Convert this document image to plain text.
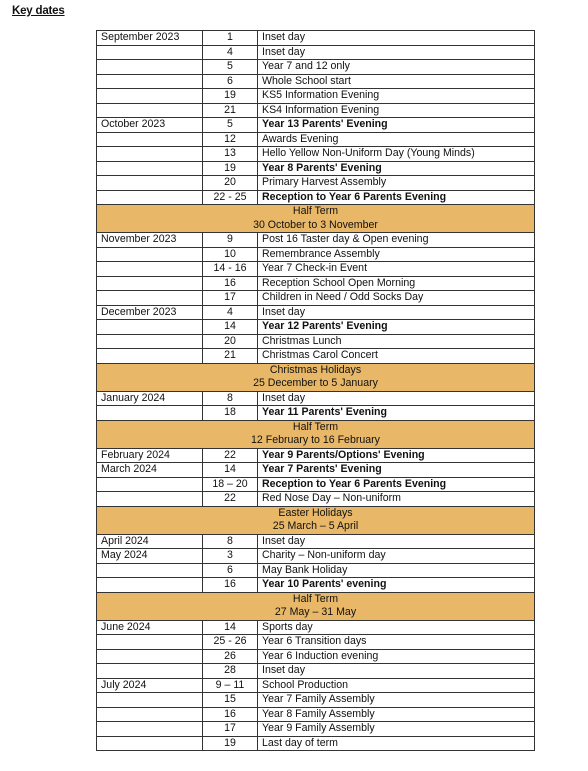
Key dates
September 2023	1	Inset day
	4	Inset day
	5	Year 7 and 12 only
	6	Whole School start
	19	KS5 Information Evening
	21	KS4 Information Evening
October 2023	5	Year 13 Parents' Evening
	12	Awards Evening
	13	Hello Yellow Non-Uniform Day (Young Minds)
	19	Year 8 Parents' Evening
	20	Primary Harvest Assembly
	22 - 25	Reception to Year 6 Parents Evening

Half Term
30 October to 3 November		

November 2023	9	Post 16 Taster day & Open evening
	10	Remembrance Assembly
	14 - 16	Year 7 Check-in Event
	16	Reception School Open Morning
	17	Children in Need / Odd Socks Day
December 2023	4	Inset day
	14	Year 12 Parents' Evening
	20	Christmas Lunch
	21	Christmas Carol Concert

Christmas Holidays
25 December to 5 January		

January 2024	8	Inset day
	18	Year 11 Parents' Evening

Half Term
12 February to 16 February		

February 2024	22	Year 9 Parents/Options' Evening
March 2024	14	Year 7 Parents' Evening
	18 – 20	Reception to Year 6 Parents Evening
	22	Red Nose Day – Non-uniform

Easter Holidays
25 March – 5 April		

April 2024	8	Inset day
May 2024	3	Charity – Non-uniform day
	6	May Bank Holiday
	16	Year 10 Parents' evening

Half Term
27 May – 31 May		

June 2024	14	Sports day
	25 - 26	Year 6 Transition days
	26	Year 6 Induction evening
	28	Inset day
July 2024	9 – 11	School Production
	15	Year 7 Family Assembly
	16	Year 8 Family Assembly
	17	Year 9 Family Assembly
	19	Last day of term
